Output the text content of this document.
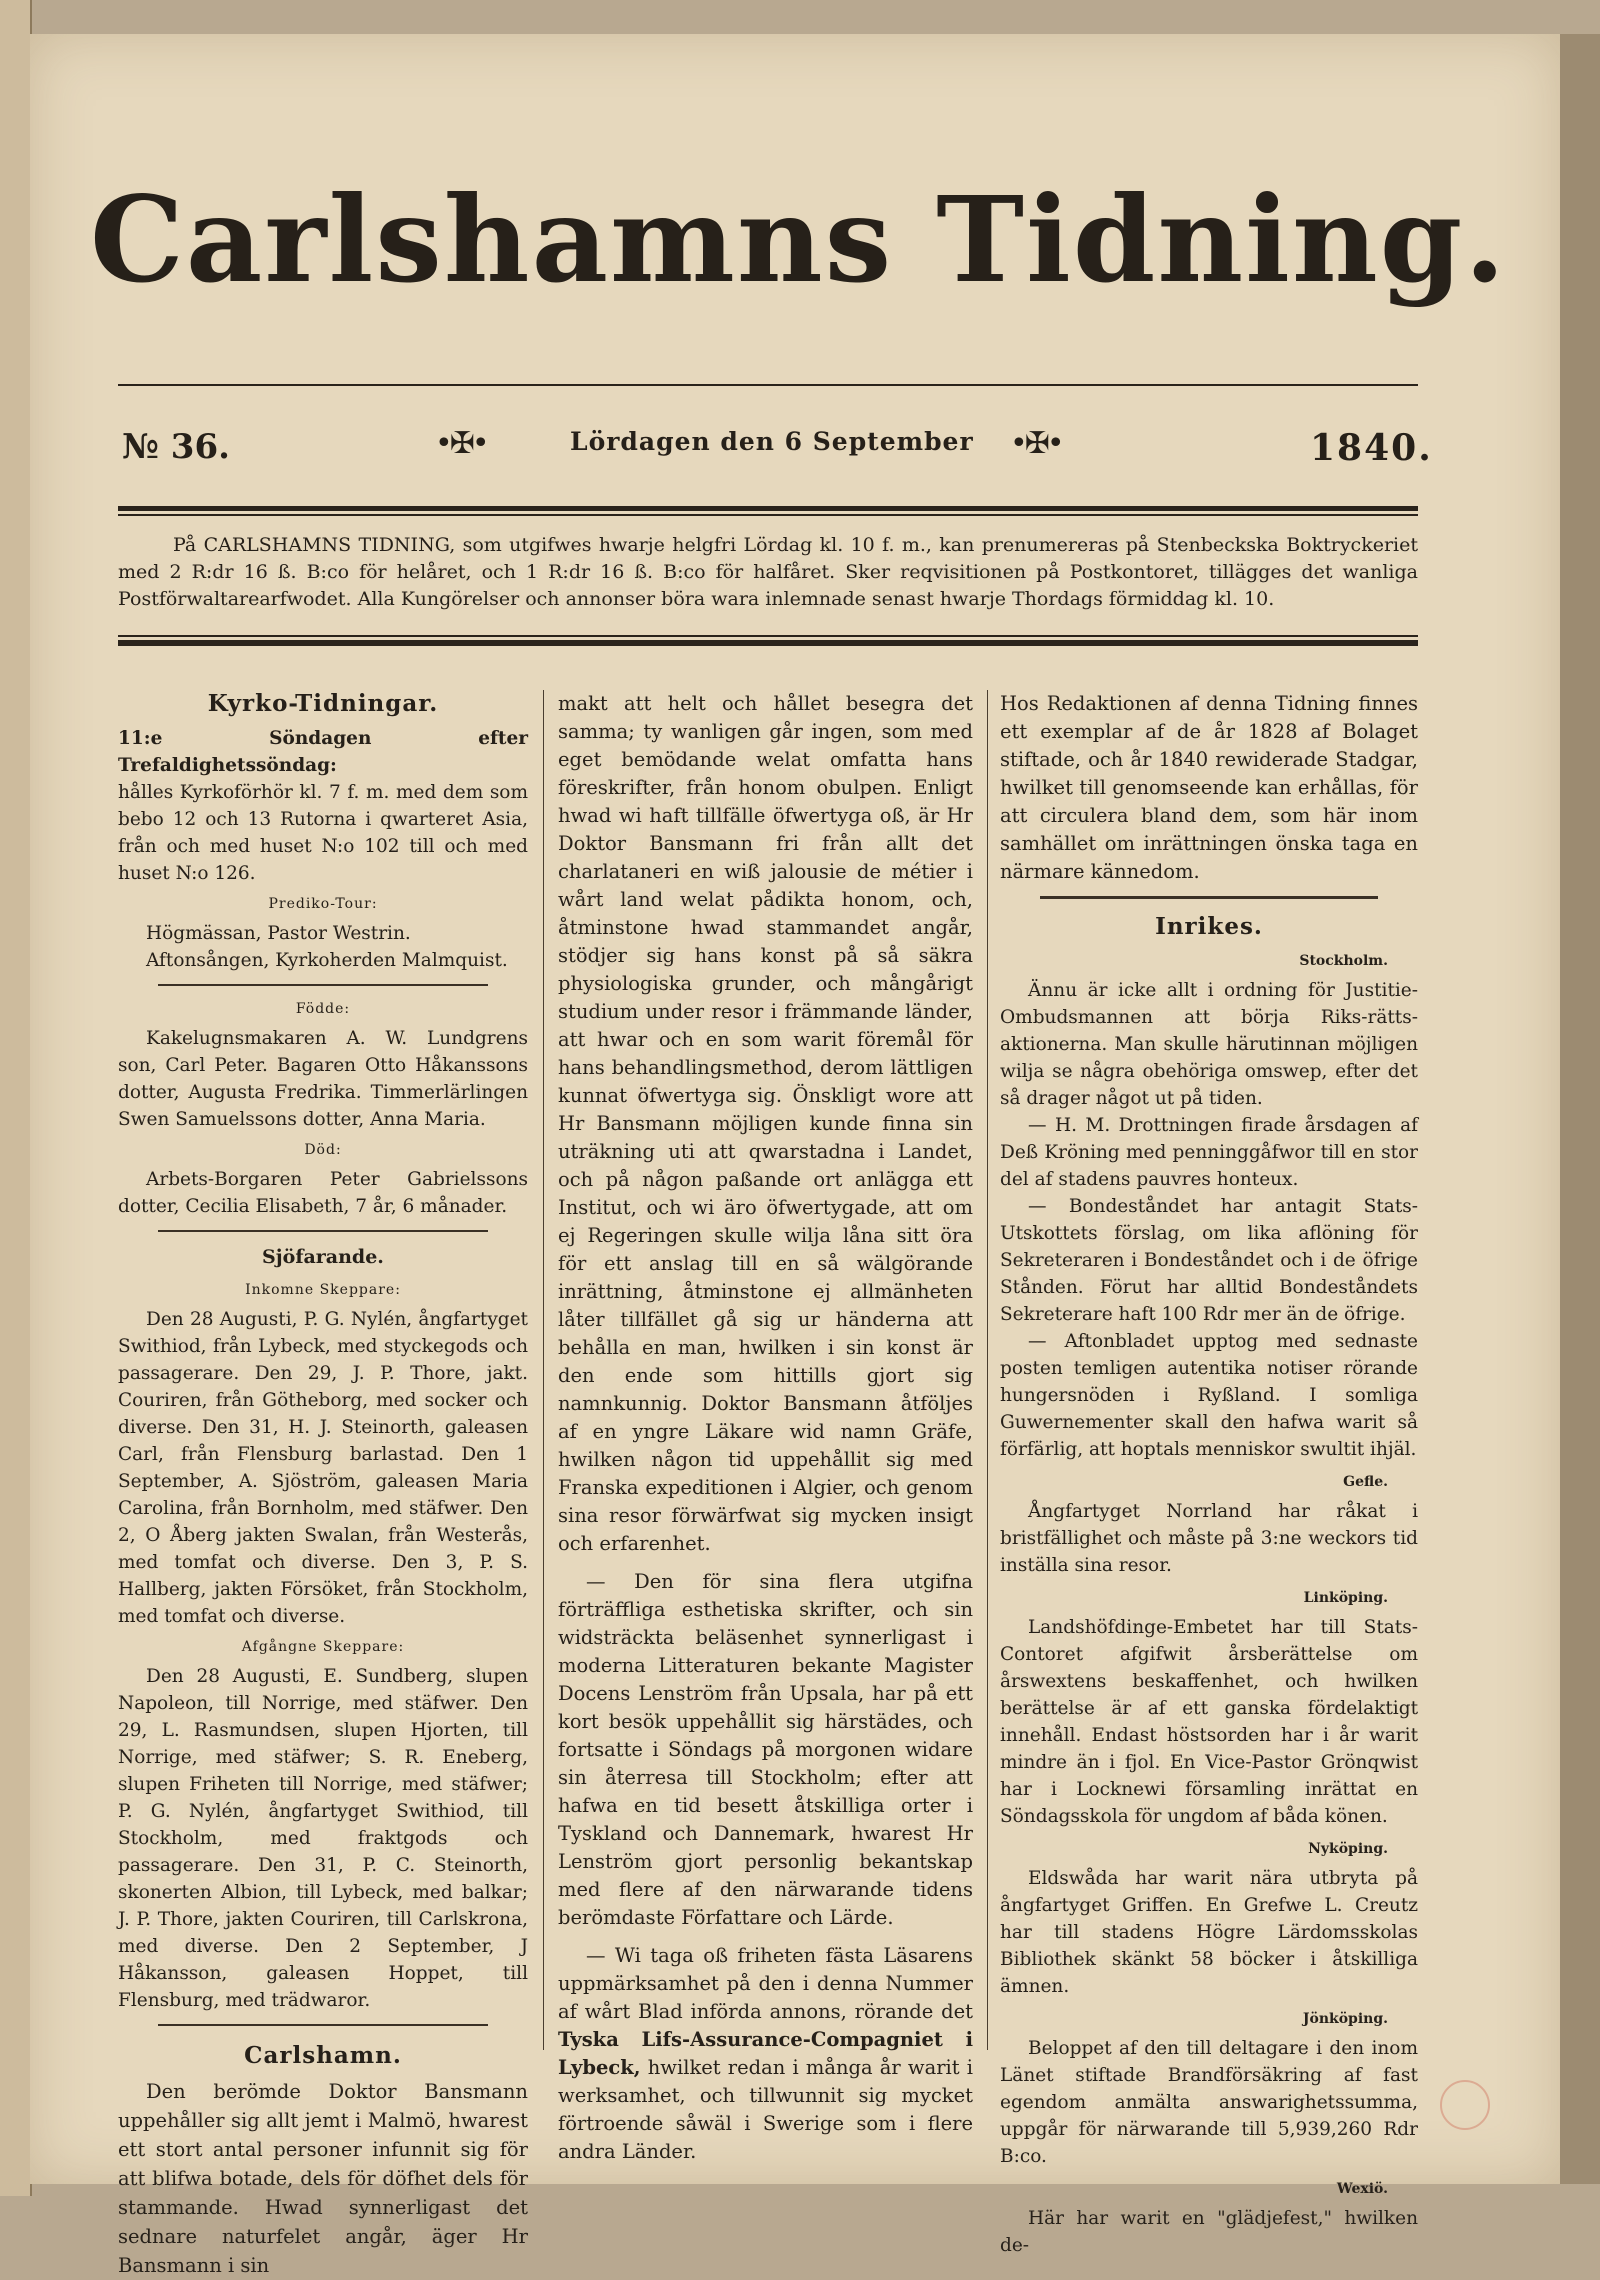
Carlshamns Tidning.
№ 36.	•✠•	Lördagen den 6 September •✠•	1840.
På CARLSHAMNS TIDNING, som utgifwes hwarje helgfri Lördag kl. 10 f. m., kan prenumereras på Stenbeckska Boktryckeriet med 2 R:dr 16 ß. B:co för helåret, och 1 R:dr 16 ß. B:co för halfåret. Sker reqvisitionen på Postkontoret, tillägges det wanliga Postförwaltarearfwodet. Alla Kungörelser och annonser böra wara inlemnade senast hwarje Thordags förmiddag kl. 10.
Kyrko-Tidningar.

11:e Söndagen efter Trefaldighetssöndag:

hålles Kyrkoförhör kl. 7 f. m. med dem som bebo 12 och 13 Rutorna i qwarteret Asia, från och med huset N:o 102 till och med huset N:o 126.

Prediko-Tour:

Högmässan, Pastor Westrin.

Aftonsången, Kyrkoherden Malmquist.

Födde:

Kakelugnsmakaren A. W. Lundgrens son, Carl Peter. Bagaren Otto Håkanssons dotter, Augusta Fredrika. Timmerlärlingen Swen Samuelssons dotter, Anna Maria.

Död:

Arbets-Borgaren Peter Gabrielssons dotter, Cecilia Elisabeth, 7 år, 6 månader.

Sjöfarande.
Inkomne Skeppare:

Den 28 Augusti, P. G. Nylén, ångfartyget Swithiod, från Lybeck, med styckegods och passagerare. Den 29, J. P. Thore, jakt. Couriren, från Götheborg, med socker och diverse. Den 31, H. J. Steinorth, galeasen Carl, från Flensburg barlastad. Den 1 September, A. Sjöström, galeasen Maria Carolina, från Bornholm, med stäfwer. Den 2, O Åberg jakten Swalan, från Westerås, med tomfat och diverse. Den 3, P. S. Hallberg, jakten Försöket, från Stockholm, med tomfat och diverse.

Afgångne Skeppare:

Den 28 Augusti, E. Sundberg, slupen Napoleon, till Norrige, med stäfwer. Den 29, L. Rasmundsen, slupen Hjorten, till Norrige, med stäfwer; S. R. Eneberg, slupen Friheten till Norrige, med stäfwer; P. G. Nylén, ångfartyget Swithiod, till Stockholm, med fraktgods och passagerare. Den 31, P. C. Steinorth, skonerten Albion, till Lybeck, med balkar; J. P. Thore, jakten Couriren, till Carlskrona, med diverse. Den 2 September, J Håkansson, galeasen Hoppet, till Flensburg, med trädwaror.

Carlshamn.

Den berömde Doktor Bansmann uppehåller sig allt jemt i Malmö, hwarest ett stort antal personer infunnit sig för att blifwa botade, dels för döfhet dels för stammande. Hwad synnerligast det sednare naturfelet angår, äger Hr Bansmann i sin

makt att helt och hållet besegra det samma; ty wanligen går ingen, som med eget bemödande welat omfatta hans föreskrifter, från honom obulpen. Enligt hwad wi haft tillfälle öfwertyga oß, är Hr Doktor Bansmann fri från allt det charlataneri en wiß jalousie de métier i wårt land welat pådikta honom, och, åtminstone hwad stammandet angår, stödjer sig hans konst på så säkra physiologiska grunder, och mångårigt studium under resor i främmande länder, att hwar och en som warit föremål för hans behandlingsmethod, derom lättligen kunnat öfwertyga sig. Önskligt wore att Hr Bansmann möjligen kunde finna sin uträkning uti att qwarstadna i Landet, och på någon paßande ort anlägga ett Institut, och wi äro öfwertygade, att om ej Regeringen skulle wilja låna sitt öra för ett anslag till en så wälgörande inrättning, åtminstone ej allmänheten låter tillfället gå sig ur händerna att behålla en man, hwilken i sin konst är den ende som hittills gjort sig namnkunnig. Doktor Bansmann åtföljes af en yngre Läkare wid namn Gräfe, hwilken någon tid uppehållit sig med Franska expeditionen i Algier, och genom sina resor förwärfwat sig mycken insigt och erfarenhet.

— Den för sina flera utgifna förträffliga esthetiska skrifter, och sin widsträckta beläsenhet synnerligast i moderna Litteraturen bekante Magister Docens Lenström från Upsala, har på ett kort besök uppehållit sig härstädes, och fortsatte i Söndags på morgonen widare sin återresa till Stockholm; efter att hafwa en tid besett åtskilliga orter i Tyskland och Dannemark, hwarest Hr Lenström gjort personlig bekantskap med flere af den närwarande tidens berömdaste Författare och Lärde.

— Wi taga oß friheten fästa Läsarens uppmärksamhet på den i denna Nummer af wårt Blad införda annons, rörande det Tyska Lifs-Assurance-Compagniet i Lybeck, hwilket redan i många år warit i werksamhet, och tillwunnit sig mycket förtroende såwäl i Swerige som i flere andra Länder.

Hos Redaktionen af denna Tidning finnes ett exemplar af de år 1828 af Bolaget stiftade, och år 1840 rewiderade Stadgar, hwilket till genomseende kan erhållas, för att circulera bland dem, som här inom samhället om inrättningen önska taga en närmare kännedom.

Inrikes.
Stockholm.

Ännu är icke allt i ordning för Justitie-Ombudsmannen att börja Riks-rätts-aktionerna. Man skulle härutinnan möjligen wilja se några obehöriga omswep, efter det så drager något ut på tiden.

— H. M. Drottningen firade årsdagen af Deß Kröning med penninggåfwor till en stor del af stadens pauvres honteux.

— Bondeståndet har antagit Stats-Utskottets förslag, om lika aflöning för Sekreteraren i Bondeståndet och i de öfrige Stånden. Förut har alltid Bondeståndets Sekreterare haft 100 Rdr mer än de öfrige.

— Aftonbladet upptog med sednaste posten temligen autentika notiser rörande hungersnöden i Ryßland. I somliga Guwernementer skall den hafwa warit så förfärlig, att hoptals menniskor swultit ihjäl.

Gefle.

Ångfartyget Norrland har råkat i bristfällighet och måste på 3:ne weckors tid inställa sina resor.

Linköping.

Landshöfdinge-Embetet har till Stats-Contoret afgifwit årsberättelse om årswextens beskaffenhet, och hwilken berättelse är af ett ganska fördelaktigt innehåll. Endast höstsorden har i år warit mindre än i fjol. En Vice-Pastor Grönqwist har i Locknewi församling inrättat en Söndagsskola för ungdom af båda könen.

Nyköping.

Eldswåda har warit nära utbryta på ångfartyget Griffen. En Grefwe L. Creutz har till stadens Högre Lärdomsskolas Bibliothek skänkt 58 böcker i åtskilliga ämnen.

Jönköping.

Beloppet af den till deltagare i den inom Länet stiftade Brandförsäkring af fast egendom anmälta answarighetssumma, uppgår för närwarande till 5,939,260 Rdr B:co.

Wexiö.

Här har warit en "glädjefest," hwilken de-
